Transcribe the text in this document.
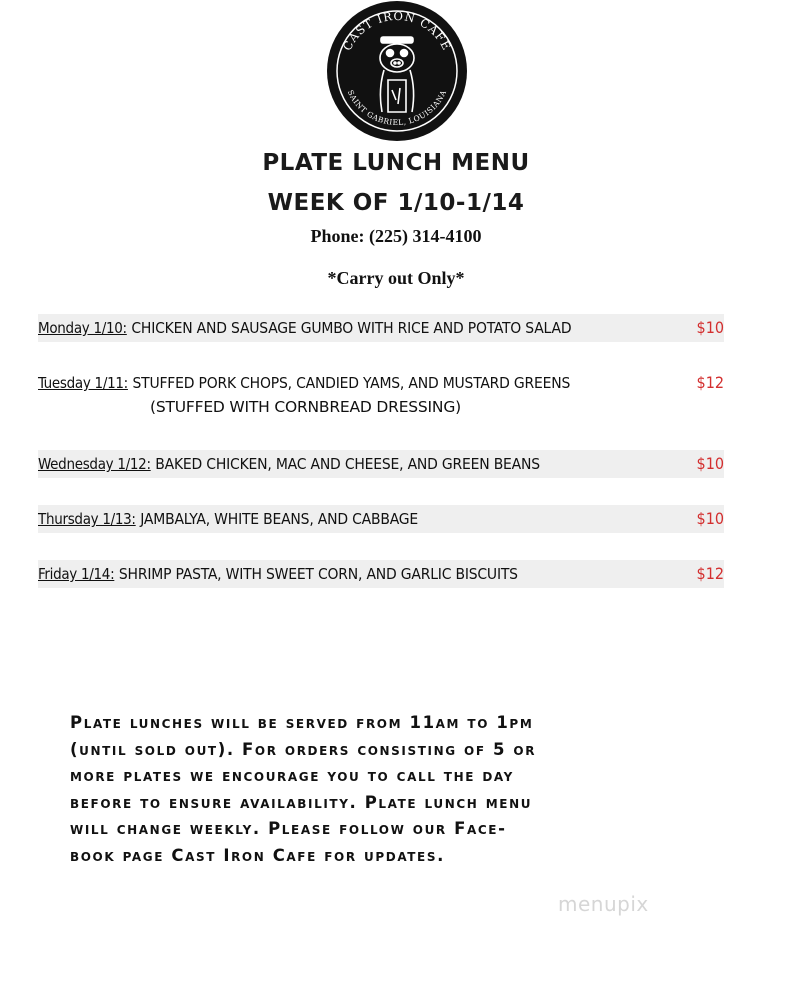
CAST IRON CAFE
SAINT GABRIEL, LOUISIANA
PLATE LUNCH MENU
WEEK OF 1/10-1/14
Phone: (225) 314-4100
*Carry out Only*
Monday 1/10: CHICKEN AND SAUSAGE GUMBO WITH RICE AND POTATO SALAD	$10
Tuesday 1/11: STUFFED PORK CHOPS, CANDIED YAMS, AND MUSTARD GREENS	$12
(STUFFED WITH CORNBREAD DRESSING)
Wednesday 1/12: BAKED CHICKEN, MAC AND CHEESE, AND GREEN BEANS	$10
Thursday 1/13: JAMBALYA, WHITE BEANS, AND CABBAGE	$10
Friday 1/14: SHRIMP PASTA, WITH SWEET CORN, AND GARLIC BISCUITS	$12
Plate lunches will be served from 11am to 1pm
(until sold out). For orders consisting of 5 or
more plates we encourage you to call the day
before to ensure availability. Plate lunch menu
will change weekly. Please follow our Face-
book page Cast Iron Cafe for updates.
menupix
